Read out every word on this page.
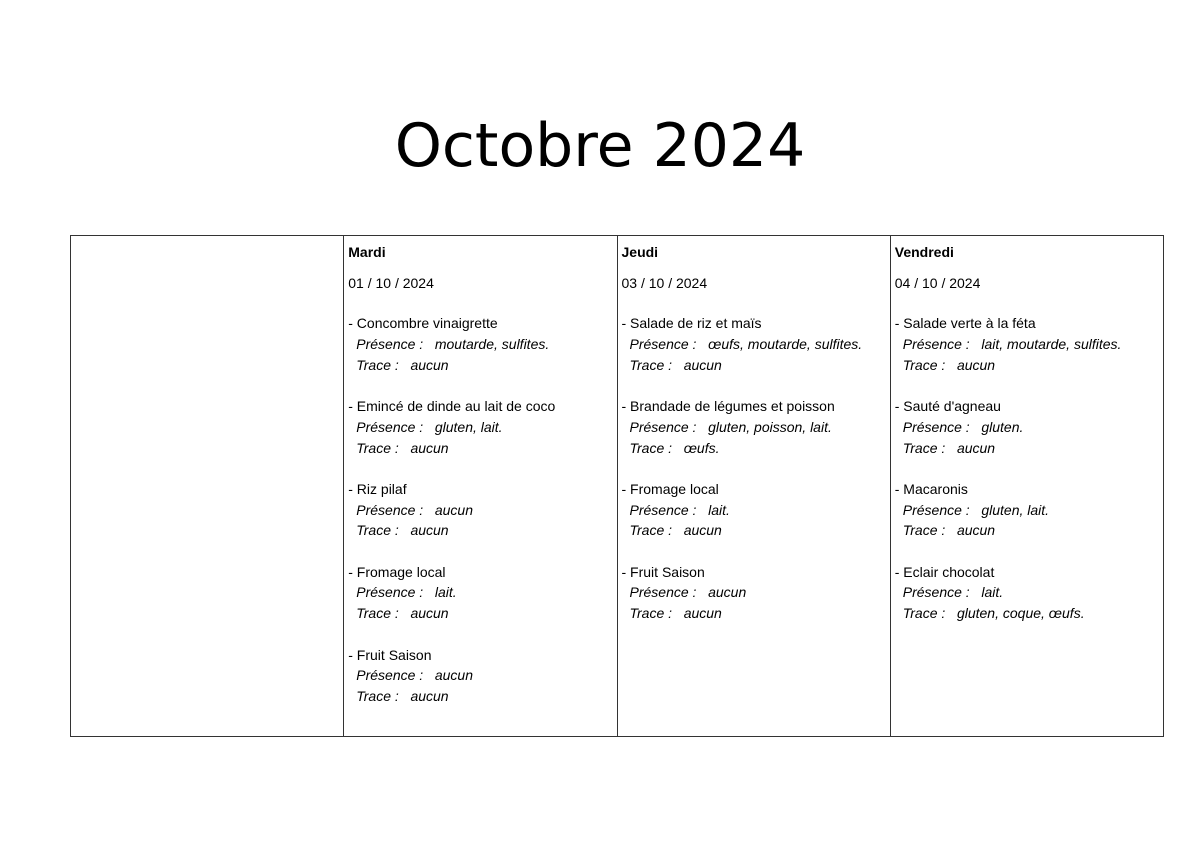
Octobre 2024

Mardi
01 / 10 / 2024
- Concombre vinaigrette
Présence : moutarde, sulfites.
Trace : aucun
- Emincé de dinde au lait de coco
Présence : gluten, lait.
Trace : aucun
- Riz pilaf
Présence : aucun
Trace : aucun
- Fromage local
Présence : lait.
Trace : aucun
- Fruit Saison
Présence : aucun
Trace : aucun

Jeudi
03 / 10 / 2024
- Salade de riz et maïs
Présence : œufs, moutarde, sulfites.
Trace : aucun
- Brandade de légumes et poisson
Présence : gluten, poisson, lait.
Trace : œufs.
- Fromage local
Présence : lait.
Trace : aucun
- Fruit Saison
Présence : aucun
Trace : aucun

Vendredi
04 / 10 / 2024
- Salade verte à la féta
Présence : lait, moutarde, sulfites.
Trace : aucun
- Sauté d'agneau
Présence : gluten.
Trace : aucun
- Macaronis
Présence : gluten, lait.
Trace : aucun
- Eclair chocolat
Présence : lait.
Trace : gluten, coque, œufs.
